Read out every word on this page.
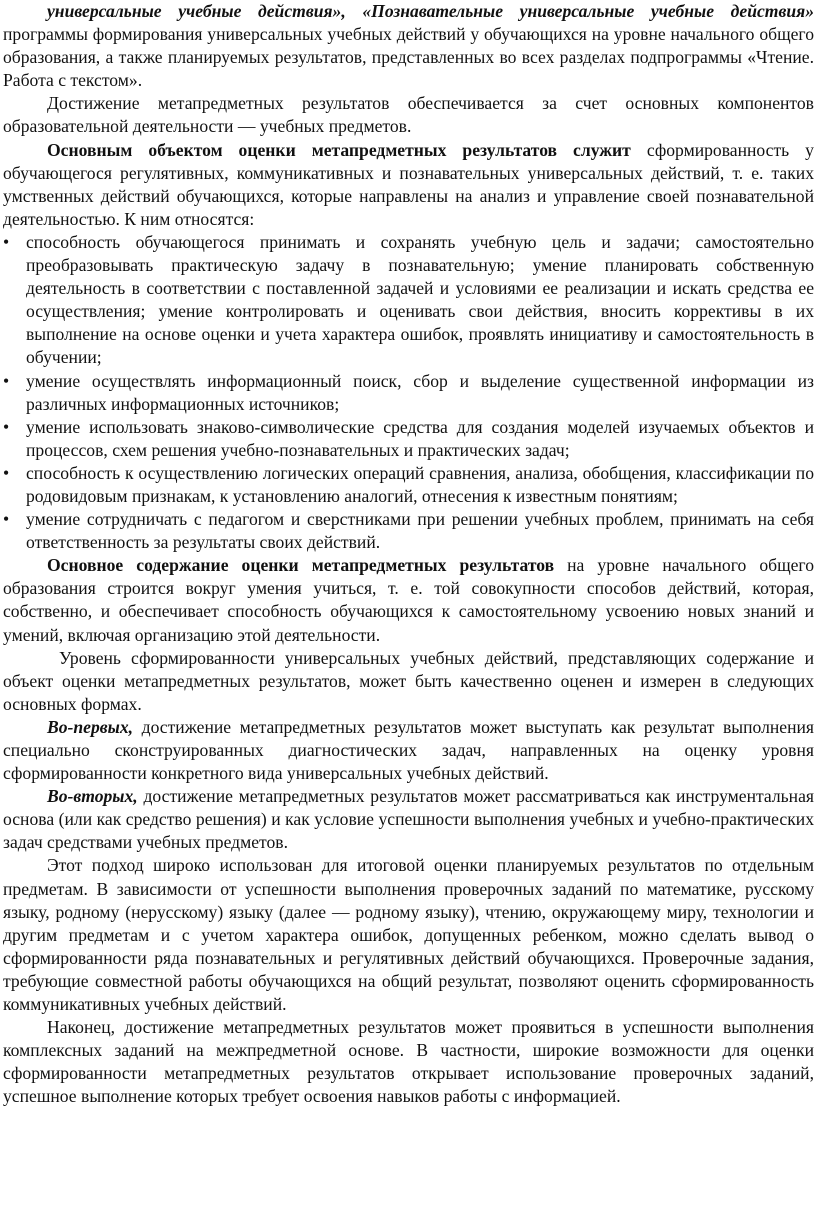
универсальные учебные действия», «Познавательные универсальные учебные действия» программы формирования универсальных учебных действий у обучающихся на уровне начального общего образования, а также планируемых результатов, представленных во всех разделах подпрограммы «Чтение. Работа с текстом».

Достижение метапредметных результатов обеспечивается за счет основных компонентов образовательной деятельности — учебных предметов.

Основным объектом оценки метапредметных результатов служит сформированность у обучающегося регулятивных, коммуникативных и познавательных универсальных действий, т. е. таких умственных действий обучающихся, которые направлены на анализ и управление своей познавательной деятельностью. К ним относятся:

• способность обучающегося принимать и сохранять учебную цель и задачи; самостоятельно преобразовывать практическую задачу в познавательную; умение планировать собственную деятельность в соответствии с поставленной задачей и условиями ее реализации и искать средства ее осуществления; умение контролировать и оценивать свои действия, вносить коррективы в их выполнение на основе оценки и учета характера ошибок, проявлять инициативу и самостоятельность в обучении;
• умение осуществлять информационный поиск, сбор и выделение существенной информации из различных информационных источников;
• умение использовать знаково-символические средства для создания моделей изучаемых объектов и процессов, схем решения учебно-познавательных и практических задач;
• способность к осуществлению логических операций сравнения, анализа, обобщения, классификации по родовидовым признакам, к установлению аналогий, отнесения к известным понятиям;
• умение сотрудничать с педагогом и сверстниками при решении учебных проблем, принимать на себя ответственность за результаты своих действий.

Основное содержание оценки метапредметных результатов на уровне начального общего образования строится вокруг умения учиться, т. е. той совокупности способов действий, которая, собственно, и обеспечивает способность обучающихся к самостоятельному усвоению новых знаний и умений, включая организацию этой деятельности.

Уровень сформированности универсальных учебных действий, представляющих содержание и объект оценки метапредметных результатов, может быть качественно оценен и измерен в следующих основных формах.

Во-первых, достижение метапредметных результатов может выступать как результат выполнения специально сконструированных диагностических задач, направленных на оценку уровня сформированности конкретного вида универсальных учебных действий.

Во-вторых, достижение метапредметных результатов может рассматриваться как инструментальная основа (или как средство решения) и как условие успешности выполнения учебных и учебно-практических задач средствами учебных предметов.

Этот подход широко использован для итоговой оценки планируемых результатов по отдельным предметам. В зависимости от успешности выполнения проверочных заданий по математике, русскому языку, родному (нерусскому) языку (далее — родному языку), чтению, окружающему миру, технологии и другим предметам и с учетом характера ошибок, допущенных ребенком, можно сделать вывод о сформированности ряда познавательных и регулятивных действий обучающихся. Проверочные задания, требующие совместной работы обучающихся на общий результат, позволяют оценить сформированность коммуникативных учебных действий.

Наконец, достижение метапредметных результатов может проявиться в успешности выполнения комплексных заданий на межпредметной основе. В частности, широкие возможности для оценки сформированности метапредметных результатов открывает использование проверочных заданий, успешное выполнение которых требует освоения навыков работы с информацией.
